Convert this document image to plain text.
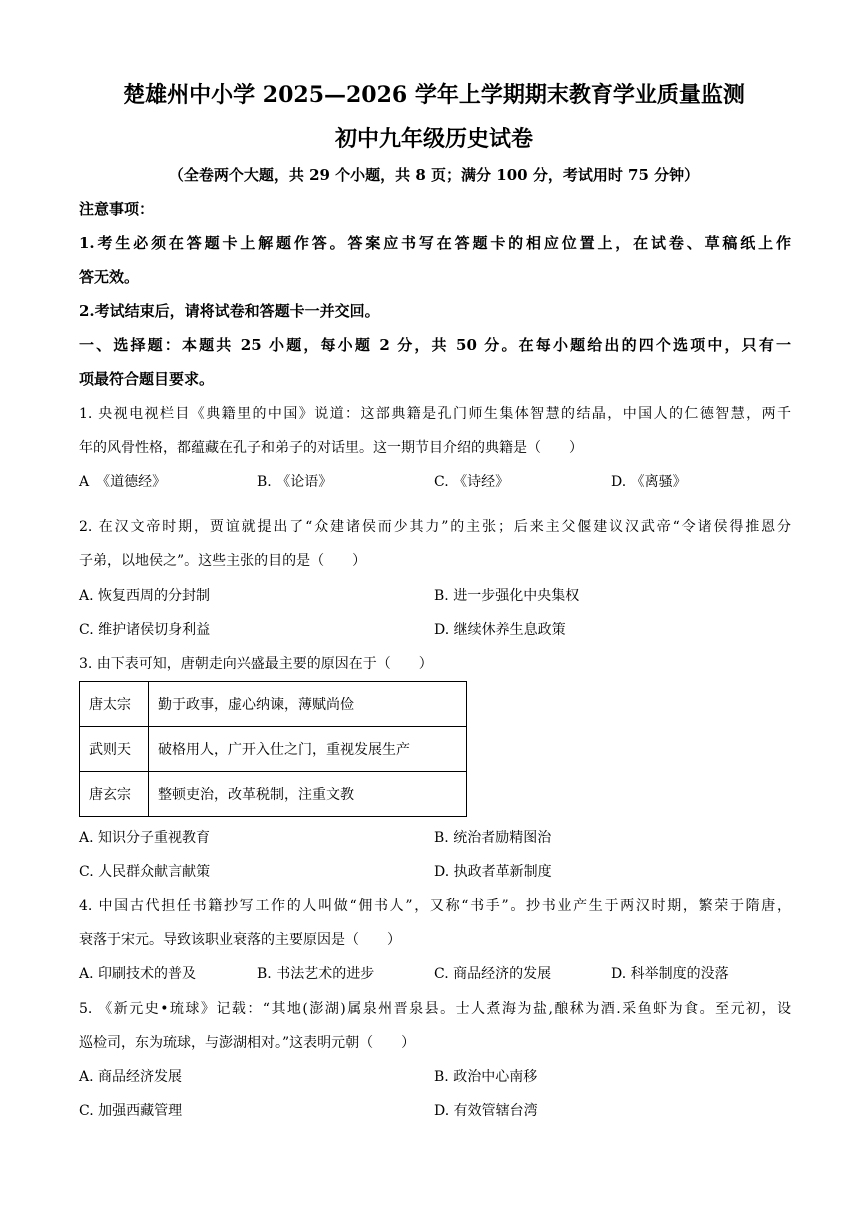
楚雄州中小学 2025—2026 学年上学期期末教育学业质量监测
初中九年级历史试卷
（全卷两个大题，共 29 个小题，共 8 页；满分 100 分，考试用时 75 分钟）
注意事项：
1.考生必须在答题卡上解题作答。答案应书写在答题卡的相应位置上，在试卷、草稿纸上作
答无效。
2.考试结束后，请将试卷和答题卡一并交回。
一、选择题：本题共 25 小题，每小题 2 分，共 50 分。在每小题给出的四个选项中，只有一
项最符合题目要求。
1. 央视电视栏目《典籍里的中国》说道：这部典籍是孔门师生集体智慧的结晶，中国人的仁德智慧，两千
年的风骨性格，都蕴藏在孔子和弟子的对话里。这一期节目介绍的典籍是（　　）
A　《道德经》	B. 《论语》	C. 《诗经》	D. 《离骚》
2. 在汉文帝时期，贾谊就提出了“众建诸侯而少其力”的主张；后来主父偃建议汉武帝“令诸侯得推恩分
子弟，以地侯之”。这些主张的目的是（　　）
A. 恢复西周的分封制	B. 进一步强化中央集权
C. 维护诸侯切身利益	D. 继续休养生息政策
3. 由下表可知，唐朝走向兴盛最主要的原因在于（　　）
唐太宗	勤于政事，虚心纳谏，薄赋尚俭
武则天	破格用人，广开入仕之门，重视发展生产
唐玄宗	整顿吏治，改革税制，注重文教
A. 知识分子重视教育	B. 统治者励精图治
C. 人民群众献言献策	D. 执政者革新制度
4. 中国古代担任书籍抄写工作的人叫做“佣书人”，又称“书手”。抄书业产生于两汉时期，繁荣于隋唐，
衰落于宋元。导致该职业衰落的主要原因是（　　）
A. 印刷技术的普及	B. 书法艺术的进步	C. 商品经济的发展	D. 科举制度的没落
5. 《新元史•琉球》记载：“其地(澎湖)属泉州晋泉县。士人煮海为盐,酿秫为酒.采鱼虾为食。至元初，设
巡检司，东为琉球，与澎湖相对。”这表明元朝（　　）
A. 商品经济发展	B. 政治中心南移
C. 加强西藏管理	D. 有效管辖台湾
